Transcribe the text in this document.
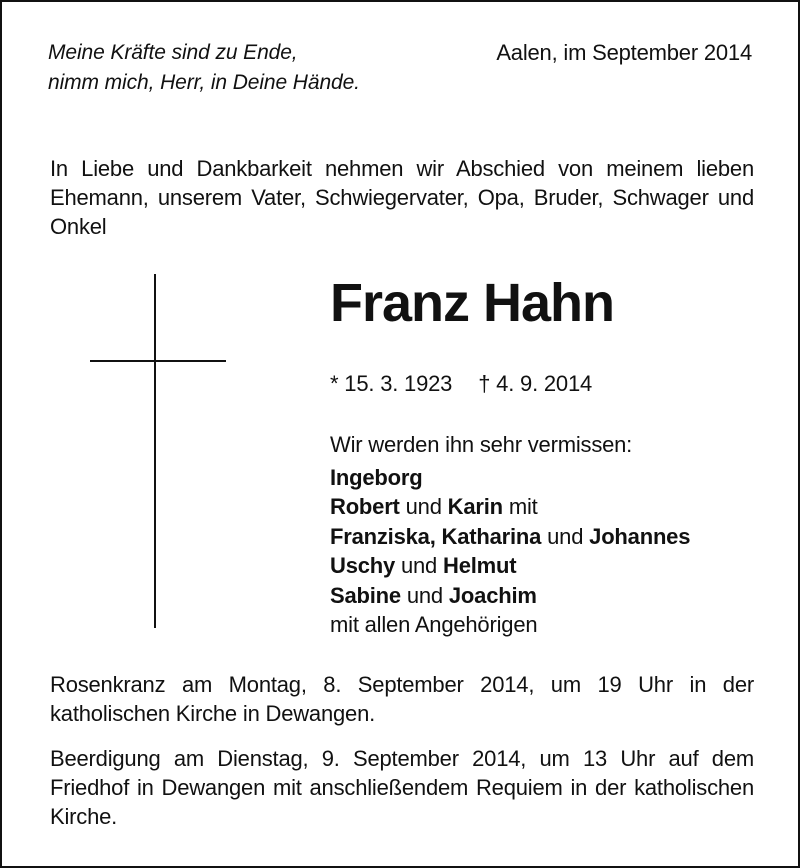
Meine Kräfte sind zu Ende,
nimm mich, Herr, in Deine Hände.
Aalen, im September 2014
In Liebe und Dankbarkeit nehmen wir Abschied von meinem lieben Ehemann, unserem Vater, Schwiegervater, Opa, Bruder, Schwager und Onkel
Franz Hahn
* 15. 3. 1923 † 4. 9. 2014
Wir werden ihn sehr vermissen:
Ingeborg
Robert und Karin mit
Franziska, Katharina und Johannes
Uschy und Helmut
Sabine und Joachim
mit allen Angehörigen
Rosenkranz am Montag, 8. September 2014, um 19 Uhr in der katholischen Kirche in Dewangen.
Beerdigung am Dienstag, 9. September 2014, um 13 Uhr auf dem Friedhof in Dewangen mit anschließendem Requiem in der katholischen Kirche.
